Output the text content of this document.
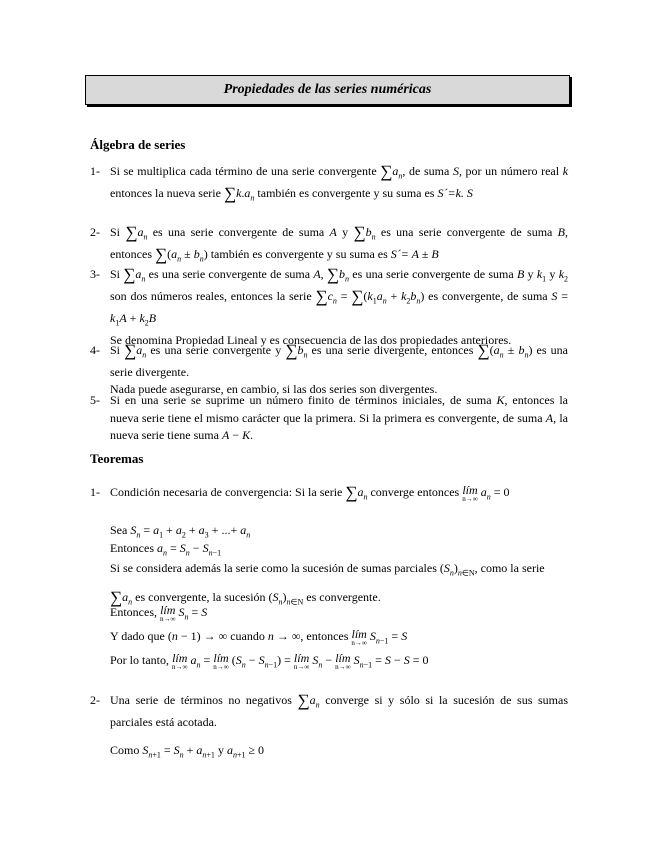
Propiedades de las series numéricas
Álgebra de series
1- Si se multiplica cada término de una serie convergente $\sum a_n$, de suma S, por un número real k entonces la nueva serie $\sum k.a_n$ también es convergente y su suma es S´=k. S
2- Si $\sum a_n$ es una serie convergente de suma A y $\sum b_n$ es una serie convergente de suma B, entonces $\sum(a_n \pm b_n)$ también es convergente y su suma es S´= A ± B
3- Si $\sum a_n$ es una serie convergente de suma A, $\sum b_n$ es una serie convergente de suma B y $k_1$ y $k_2$ son dos números reales, entonces la serie $\sum c_n = \sum(k_1a_n + k_2b_n)$ es convergente, de suma $S = k_1A + k_2B$
Se denomina Propiedad Lineal y es consecuencia de las dos propiedades anteriores.
4- Si $\sum a_n$ es una serie convergente y $\sum b_n$ es una serie divergente, entonces $\sum(a_n \pm b_n)$ es una serie divergente.
Nada puede asegurarse, en cambio, si las dos series son divergentes.
5- Si en una serie se suprime un número finito de términos iniciales, de suma K, entonces la nueva serie tiene el mismo carácter que la primera. Si la primera es convergente, de suma A, la nueva serie tiene suma A − K.
Teoremas
1- Condición necesaria de convergencia: Si la serie $\sum a_n$ converge entonces lím
n→∞ $a_n = 0$
Sea $S_n = a_1 + a_2 + a_3$ + ...+ $a_n$
Entonces $a_n = S_n - S_{n-1}$
Si se considera además la serie como la sucesión de sumas parciales $(S_n)_{n\in N}$, como la serie $\sum a_n$ es convergente, la sucesión $(S_n)_{n\in N}$ es convergente.
Entonces, lím
n→∞ $S_n = S$
Y dado que (n − 1) → ∞ cuando n → ∞, entonces lím
n→∞ $S_{n-1} = S$
Por lo tanto, lím
n→∞ $a_n$ = lím
n→∞ $(S_n - S_{n-1})$ = lím
n→∞ $S_n$ − lím
n→∞ $S_{n-1} = S - S = 0$
2- Una serie de términos no negativos $\sum a_n$ converge si y sólo si la sucesión de sus sumas parciales está acotada.
Como $S_{n+1} = S_n + a_{n+1}$ y $a_{n+1} \ge 0$
